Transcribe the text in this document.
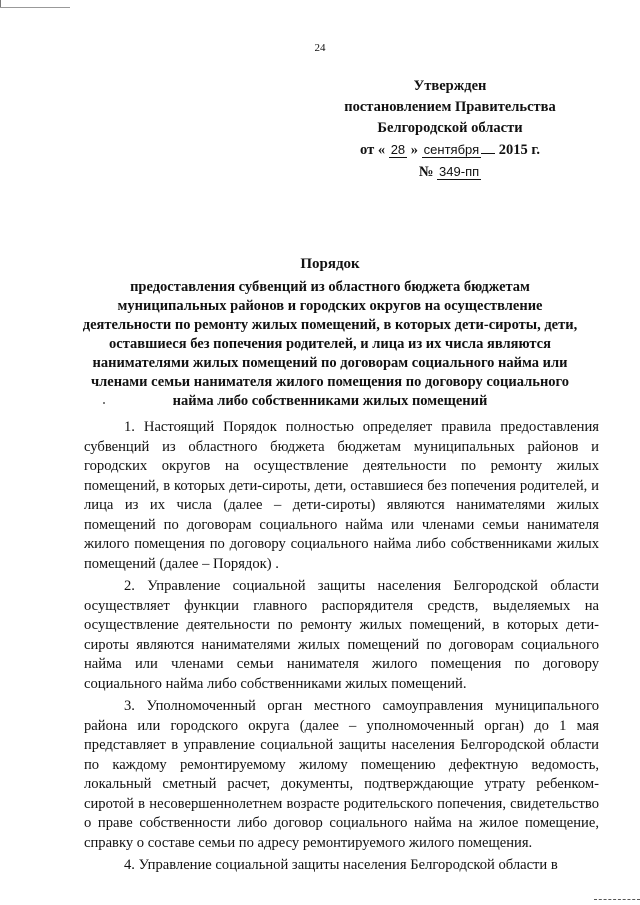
24
Утвержден
постановлением Правительства
Белгородской области
от « 28 » сентября 2015 г.
№ 349-пп
Порядок
предоставления субвенций из областного бюджета бюджетам муниципальных районов и городских округов на осуществление деятельности по ремонту жилых помещений, в которых дети-сироты, дети, оставшиеся без попечения родителей, и лица из их числа являются нанимателями жилых помещений по договорам социального найма или членами семьи нанимателя жилого помещения по договору социального найма либо собственниками жилых помещений

1. Настоящий Порядок полностью определяет правила предоставления субвенций из областного бюджета бюджетам муниципальных районов и городских округов на осуществление деятельности по ремонту жилых помещений, в которых дети-сироты, дети, оставшиеся без попечения родителей, и лица из их числа (далее – дети-сироты) являются нанимателями жилых помещений по договорам социального найма или членами семьи нанимателя жилого помещения по договору социального найма либо собственниками жилых помещений (далее – Порядок) .

2. Управление социальной защиты населения Белгородской области осуществляет функции главного распорядителя средств, выделяемых на осуществление деятельности по ремонту жилых помещений, в которых дети-сироты являются нанимателями жилых помещений по договорам социального найма или членами семьи нанимателя жилого помещения по договору социального найма либо собственниками жилых помещений.

3. Уполномоченный орган местного самоуправления муниципального района или городского округа (далее – уполномоченный орган) до 1 мая представляет в управление социальной защиты населения Белгородской области по каждому ремонтируемому жилому помещению дефектную ведомость, локальный сметный расчет, документы, подтверждающие утрату ребенком-сиротой в несовершеннолетнем возрасте родительского попечения, свидетельство о праве собственности либо договор социального найма на жилое помещение, справку о составе семьи по адресу ремонтируемого жилого помещения.

4. Управление социальной защиты населения Белгородской области в
